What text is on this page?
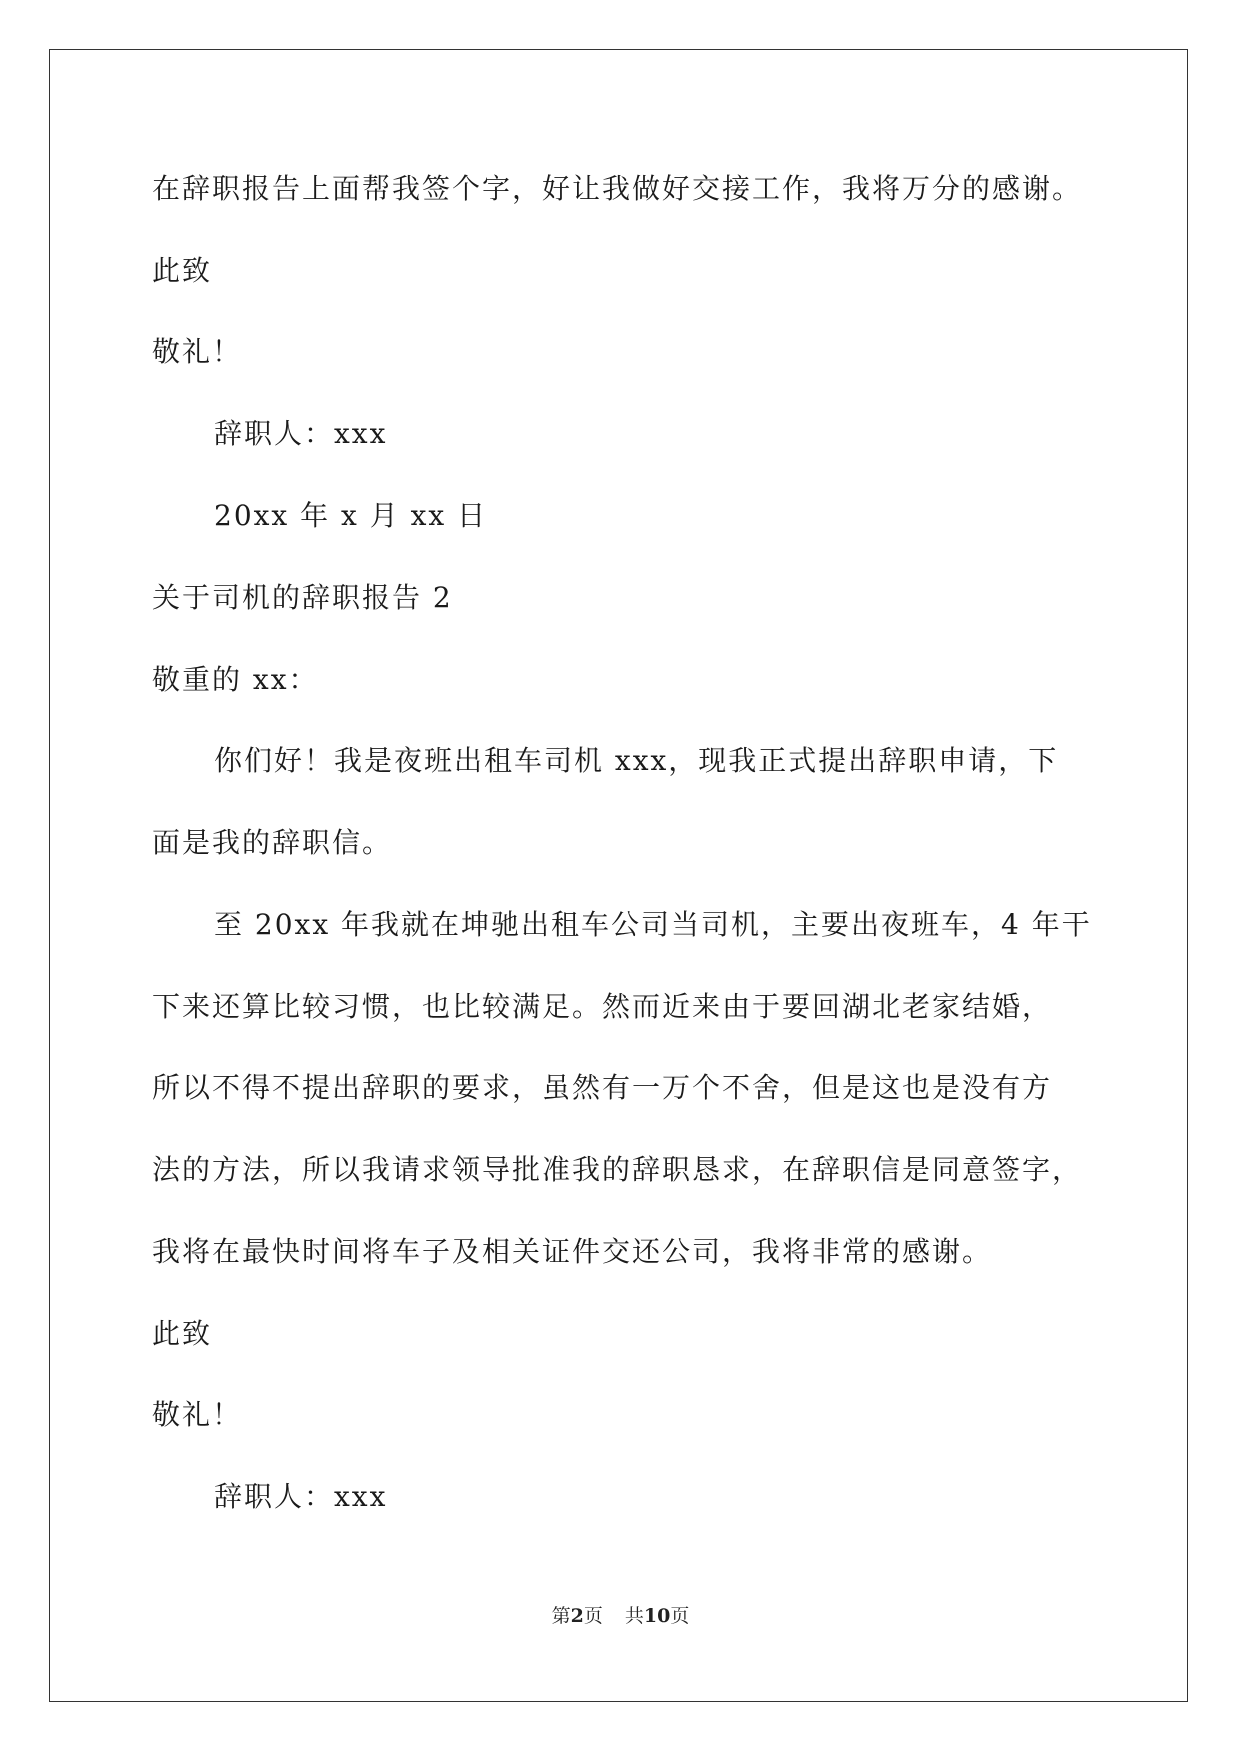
在辞职报告上面帮我签个字，好让我做好交接工作，我将万分的感谢。
此致
敬礼！
辞职人：xxx
20xx 年 x 月 xx 日
关于司机的辞职报告 2
敬重的 xx：
你们好！我是夜班出租车司机 xxx，现我正式提出辞职申请，下
面是我的辞职信。
至 20xx 年我就在坤驰出租车公司当司机，主要出夜班车，4 年干
下来还算比较习惯，也比较满足。然而近来由于要回湖北老家结婚，
所以不得不提出辞职的要求，虽然有一万个不舍，但是这也是没有方
法的方法，所以我请求领导批准我的辞职恳求，在辞职信是同意签字，
我将在最快时间将车子及相关证件交还公司，我将非常的感谢。
此致
敬礼！
辞职人：xxx
第2页 共10页
